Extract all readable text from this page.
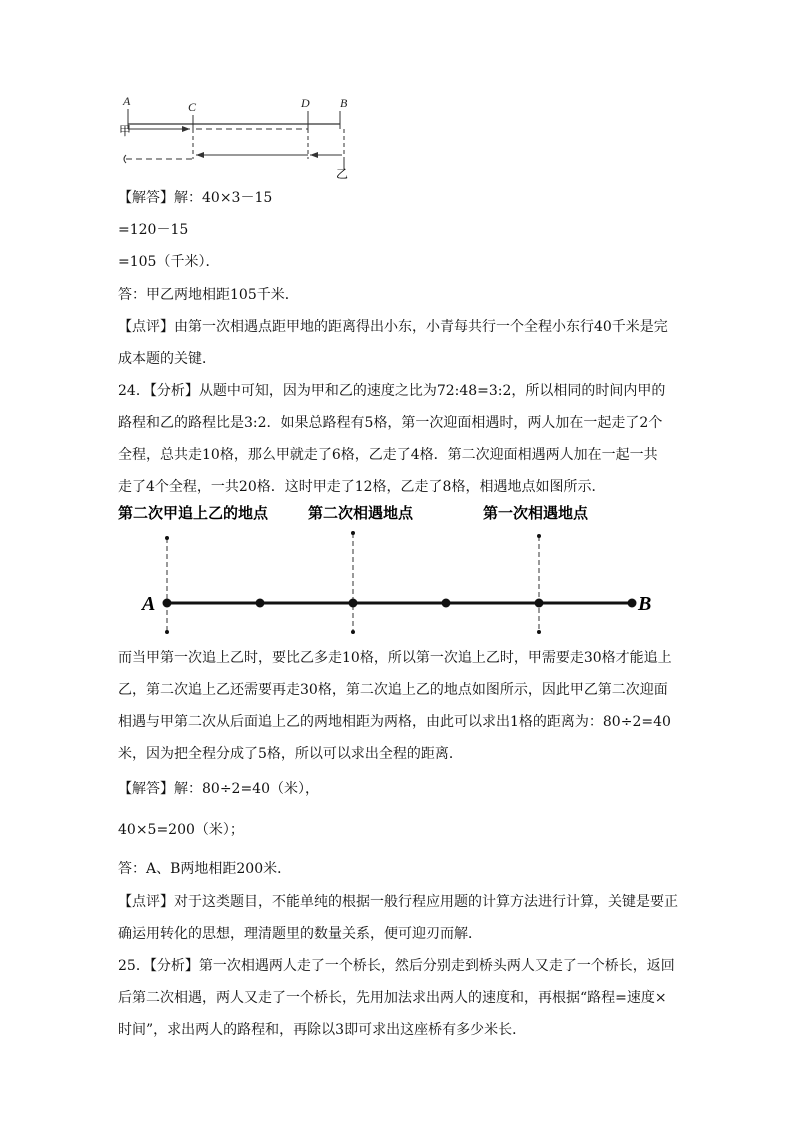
A	C	D	B
甲
乙
【解答】解：40×3－15
=120－15
=105（千米）．
答：甲乙两地相距105千米．
【点评】由第一次相遇点距甲地的距离得出小东，小青每共行一个全程小东行40千米是完
成本题的关键．
24．【分析】从题中可知，因为甲和乙的速度之比为72:48=3:2，所以相同的时间内甲的
路程和乙的路程比是3:2．如果总路程有5格，第一次迎面相遇时，两人加在一起走了2个
全程，总共走10格，那么甲就走了6格，乙走了4格．第二次迎面相遇两人加在一起一共
走了4个全程，一共20格．这时甲走了12格，乙走了8格，相遇地点如图所示．
第二次甲追上乙的地点	第二次相遇地点	第一次相遇地点
A	B
而当甲第一次追上乙时，要比乙多走10格，所以第一次追上乙时，甲需要走30格才能追上
乙，第二次追上乙还需要再走30格，第二次追上乙的地点如图所示，因此甲乙第二次迎面
相遇与甲第二次从后面追上乙的两地相距为两格，由此可以求出1格的距离为：80÷2=40
米，因为把全程分成了5格，所以可以求出全程的距离．
【解答】解：80÷2=40（米），
40×5=200（米）；
答：A、B两地相距200米．
【点评】对于这类题目，不能单纯的根据一般行程应用题的计算方法进行计算，关键是要正
确运用转化的思想，理清题里的数量关系，便可迎刃而解．
25．【分析】第一次相遇两人走了一个桥长，然后分别走到桥头两人又走了一个桥长，返回
后第二次相遇，两人又走了一个桥长，先用加法求出两人的速度和，再根据“路程=速度×
时间”，求出两人的路程和，再除以3即可求出这座桥有多少米长．
